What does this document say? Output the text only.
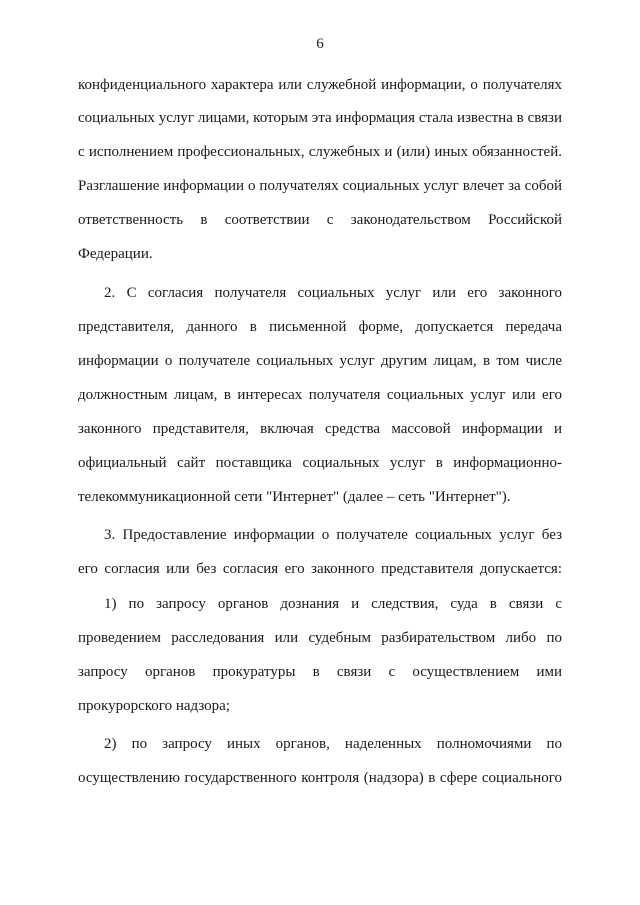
6
конфиденциального характера или служебной информации, о получателях
социальных услуг лицами, которым эта информация стала известна в связи
с исполнением профессиональных, служебных и (или) иных обязанностей.
Разглашение информации о получателях социальных услуг влечет за собой
ответственность в соответствии с законодательством Российской
Федерации.
2. С согласия получателя социальных услуг или его законного
представителя, данного в письменной форме, допускается передача
информации о получателе социальных услуг другим лицам, в том числе
должностным лицам, в интересах получателя социальных услуг или его
законного представителя, включая средства массовой информации и
официальный сайт поставщика социальных услуг в информационно-
телекоммуникационной сети "Интернет" (далее – сеть "Интернет").
3. Предоставление информации о получателе социальных услуг без
его согласия или без согласия его законного представителя допускается:
1) по запросу органов дознания и следствия, суда в связи с
проведением расследования или судебным разбирательством либо по
запросу органов прокуратуры в связи с осуществлением ими
прокурорского надзора;
2) по запросу иных органов, наделенных полномочиями по
осуществлению государственного контроля (надзора) в сфере социального
